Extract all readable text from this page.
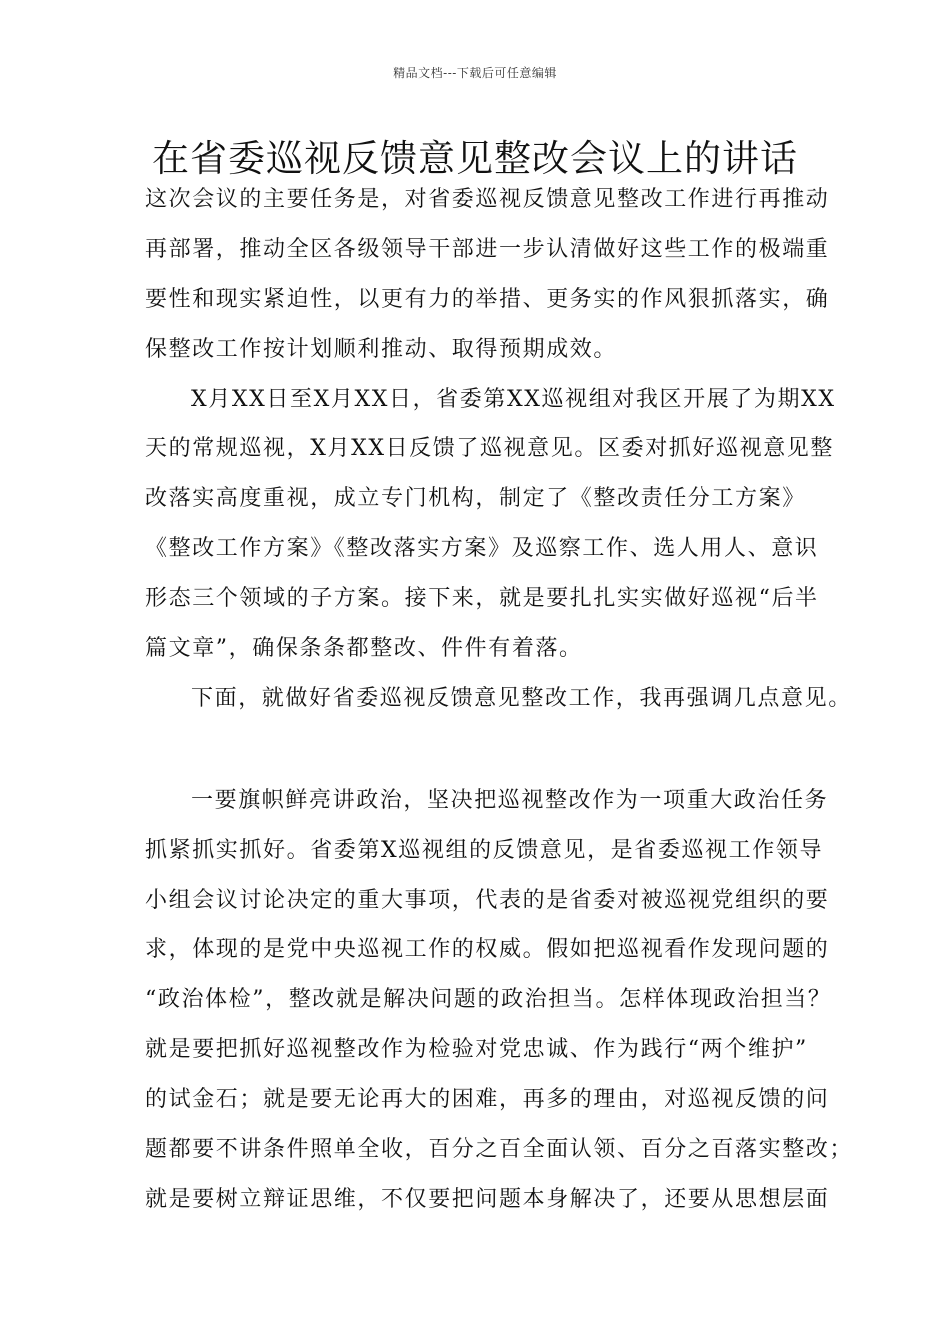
精品文档---下载后可任意编辑
在省委巡视反馈意见整改会议上的讲话
这次会议的主要任务是，对省委巡视反馈意见整改工作进行再推动
再部署，推动全区各级领导干部进一步认清做好这些工作的极端重
要性和现实紧迫性，以更有力的举措、更务实的作风狠抓落实，确
保整改工作按计划顺利推动、取得预期成效。
X月XX日至X月XX日，省委第XX巡视组对我区开展了为期XX
天的常规巡视，X月XX日反馈了巡视意见。区委对抓好巡视意见整
改落实高度重视，成立专门机构，制定了《整改责任分工方案》
《整改工作方案》《整改落实方案》及巡察工作、选人用人、意识
形态三个领域的子方案。接下来，就是要扎扎实实做好巡视“后半
篇文章”，确保条条都整改、件件有着落。
下面，就做好省委巡视反馈意见整改工作，我再强调几点意见。
一要旗帜鲜亮讲政治，坚决把巡视整改作为一项重大政治任务
抓紧抓实抓好。省委第X巡视组的反馈意见，是省委巡视工作领导
小组会议讨论决定的重大事项，代表的是省委对被巡视党组织的要
求，体现的是党中央巡视工作的权威。假如把巡视看作发现问题的
“政治体检”，整改就是解决问题的政治担当。怎样体现政治担当？
就是要把抓好巡视整改作为检验对党忠诚、作为践行“两个维护”
的试金石；就是要无论再大的困难，再多的理由，对巡视反馈的问
题都要不讲条件照单全收，百分之百全面认领、百分之百落实整改；
就是要树立辩证思维，不仅要把问题本身解决了，还要从思想层面
